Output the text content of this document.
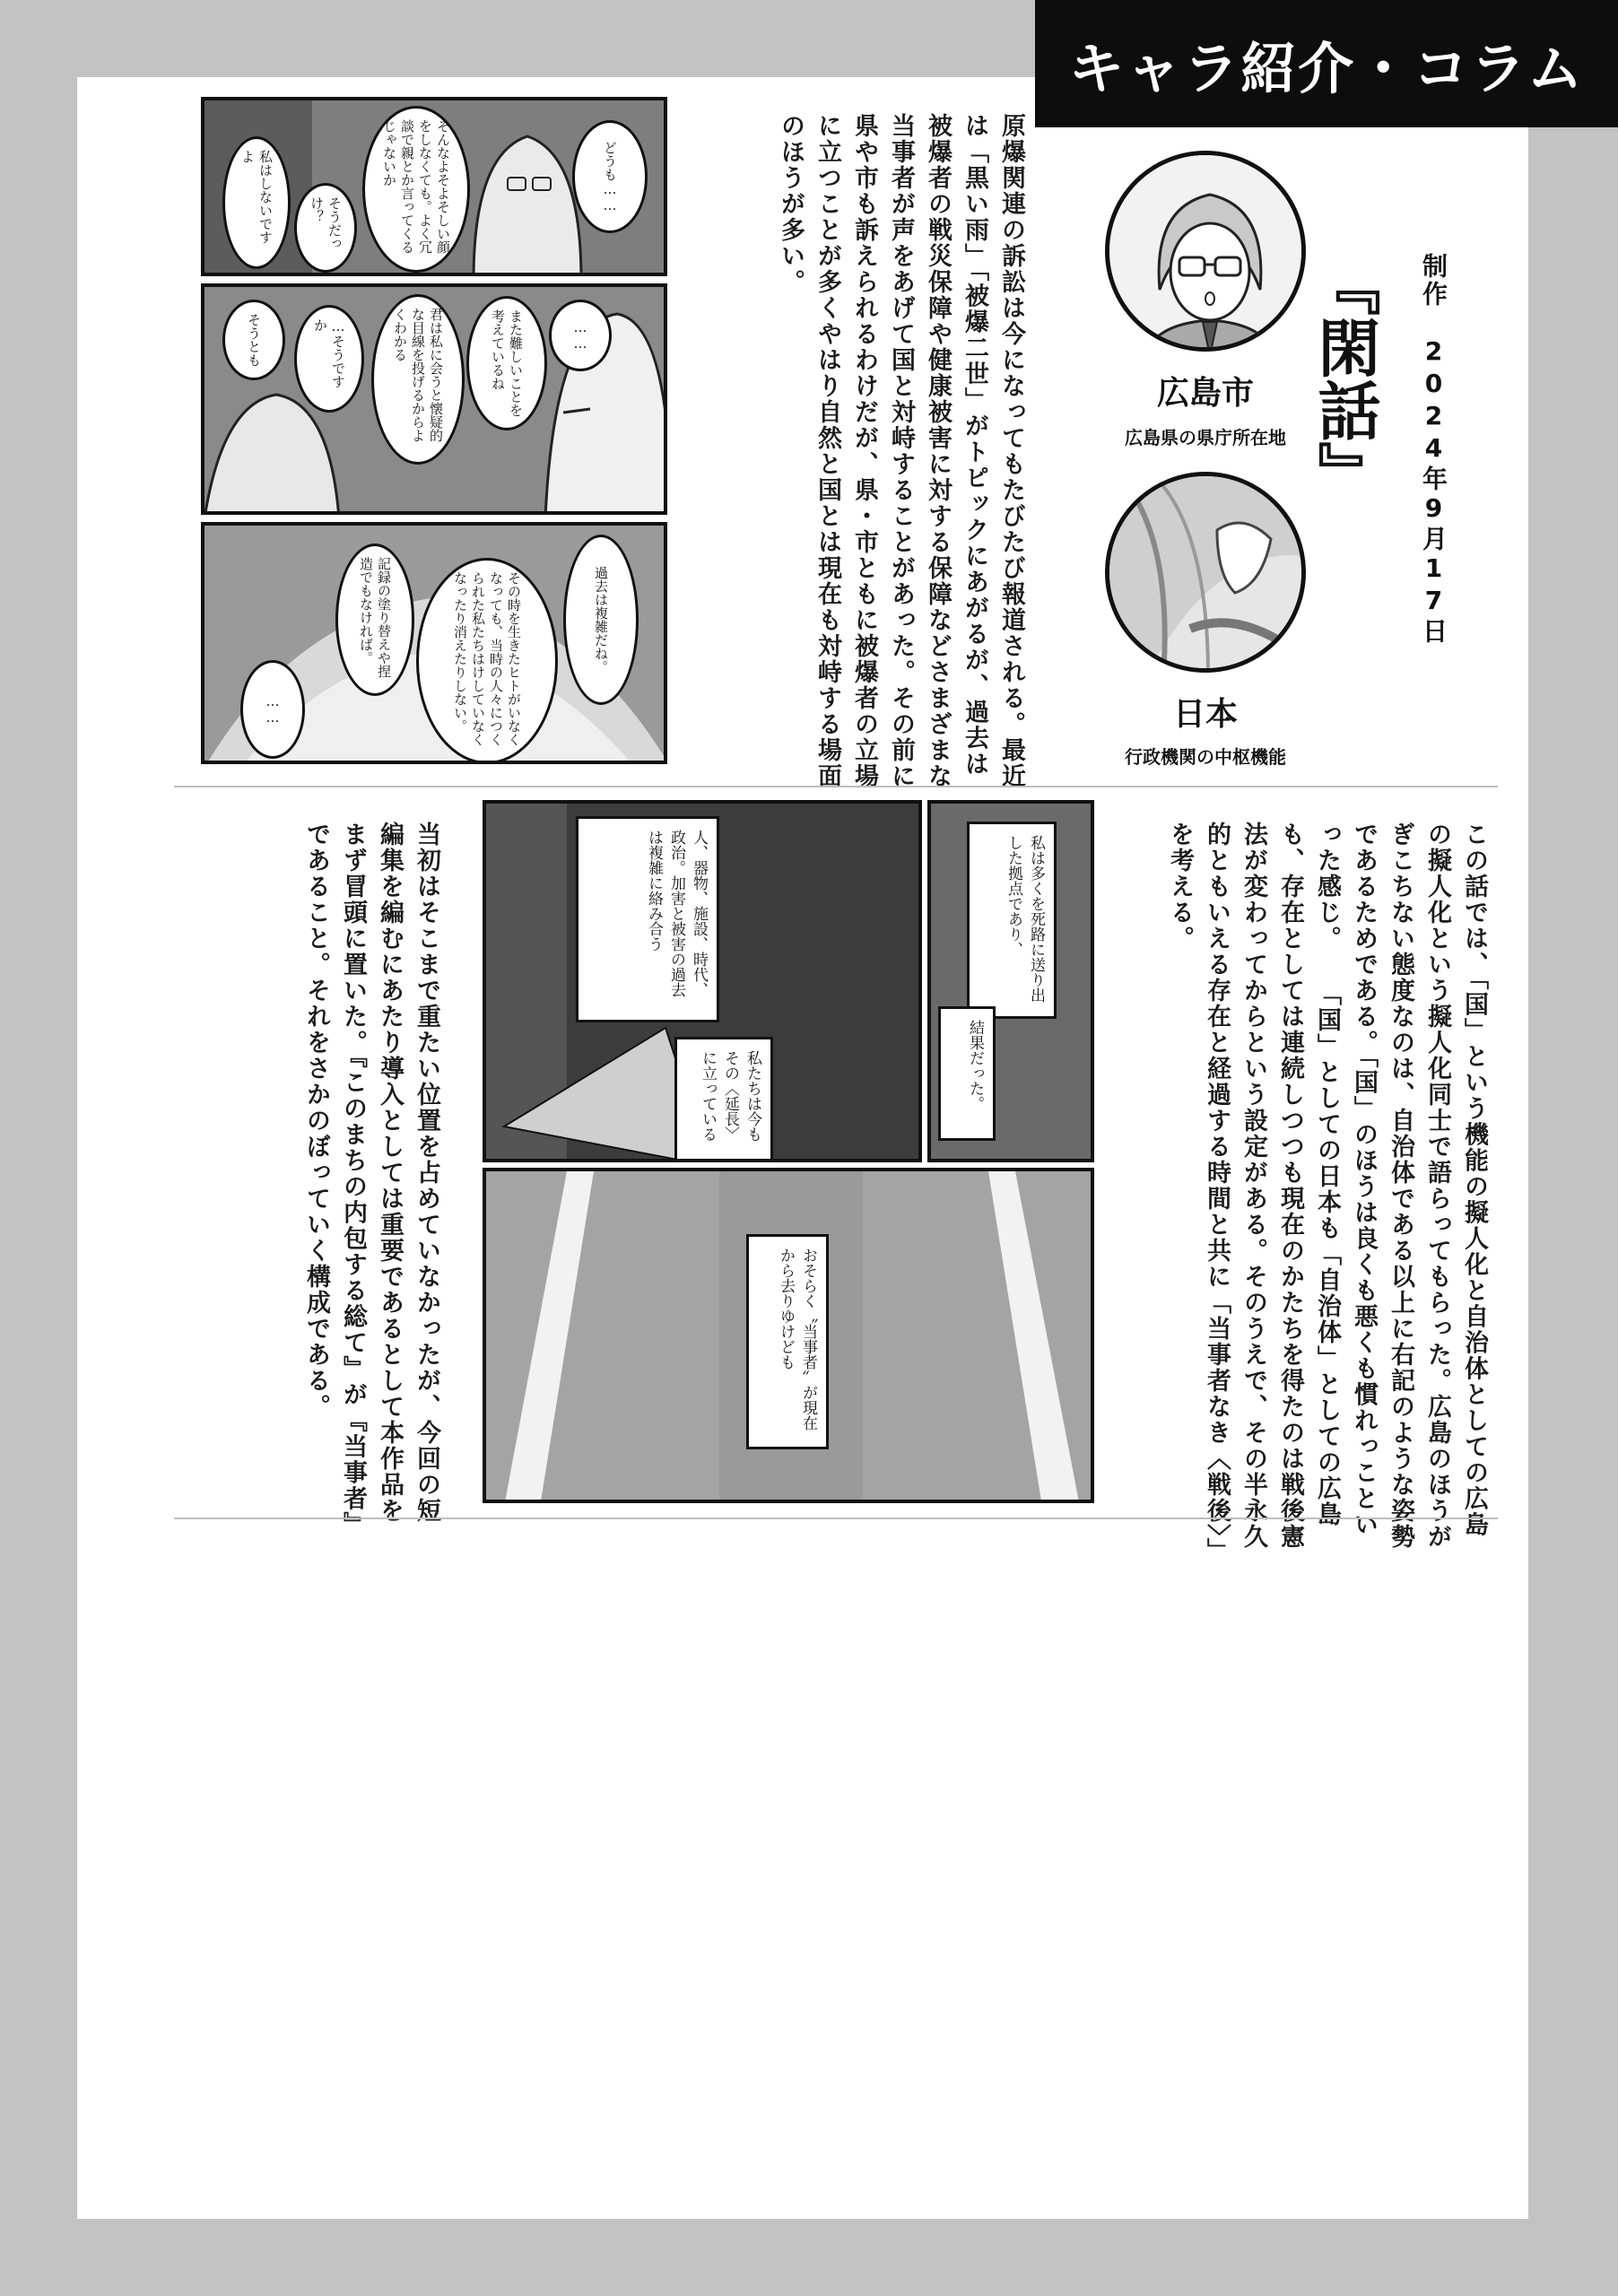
『閑話』 制作　2024年9月17日
広島市
広島県の県庁所在地
日本
行政機関の中枢機能
原爆関連の訴訟は今になってもたびたび報道される。最近は「黒い雨」「被爆二世」がトピックにあがるが、過去は被爆者の戦災保障や健康被害に対する保障などさまざまな当事者が声をあげて国と対峙することがあった。その前に県や市も訴えられるわけだが、県・市ともに被爆者の立場に立つことが多くやはり自然と国とは現在も対峙する場面のほうが多い。
どうも……
私はしないですよ
そうだっけ？	そんなよそよそしい顔をしなくても。よく冗談で親とか言ってくるじゃないか
……
また難しいことを考えているね
君は私に会うと懐疑的な目線を投げるからよくわかる
…そうですか
そうとも
過去は複雑だね。
その時を生きたヒトがいなくなっても、当時の人々につくられた私たちはけしていなくなったり消えたりしない。
記録の塗り替えや捏造でもなければ。
……
この話では、「国」という機能の擬人化と自治体としての広島の擬人化という擬人化同士で語らってもらった。広島のほうがぎこちない態度なのは、自治体である以上に右記のような姿勢であるためである。「国」のほうは良くも悪くも慣れっこといった感じ。 「国」としての日本も「自治体」としての広島も、存在としては連続しつつも現在のかたちを得たのは戦後憲法が変わってからという設定がある。そのうえで、その半永久的ともいえる存在と経過する時間と共に「当事者なき〈戦後〉」を考える。
人、器物、施設、時代、政治。加害と被害の過去は複雑に絡み合う
私たちは今もその〈延長〉に立っている
私は多くを死路に送り出した拠点であり、
結果だった。
おそらく〝当事者〟が現在から去りゆけども
当初はそこまで重たい位置を占めていなかったが、今回の短編集を編むにあたり導入としては重要であるとして本作品をまず冒頭に置いた。『このまちの内包する総て』が『当事者』であること。それをさかのぼっていく構成である。
キャラ紹介・コラム
